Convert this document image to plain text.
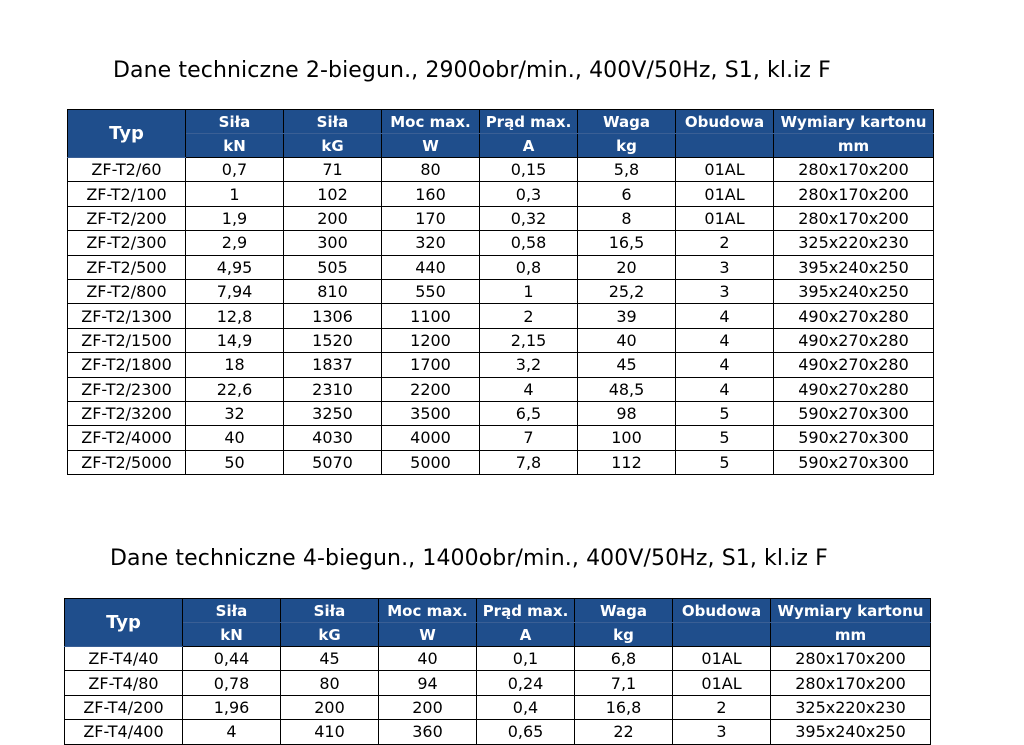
Dane techniczne 2-biegun., 2900obr/min., 400V/50Hz, S1, kl.iz F
Typ	Siła	Siła	Moc max.	Prąd max.	Waga	Obudowa	Wymiary kartonu
	kN	kG	W	A	kg		mm
ZF-T2/60	0,7	71	80	0,15	5,8	01AL	280x170x200
ZF-T2/100	1	102	160	0,3	6	01AL	280x170x200
ZF-T2/200	1,9	200	170	0,32	8	01AL	280x170x200
ZF-T2/300	2,9	300	320	0,58	16,5	2	325x220x230
ZF-T2/500	4,95	505	440	0,8	20	3	395x240x250
ZF-T2/800	7,94	810	550	1	25,2	3	395x240x250
ZF-T2/1300	12,8	1306	1100	2	39	4	490x270x280
ZF-T2/1500	14,9	1520	1200	2,15	40	4	490x270x280
ZF-T2/1800	18	1837	1700	3,2	45	4	490x270x280
ZF-T2/2300	22,6	2310	2200	4	48,5	4	490x270x280
ZF-T2/3200	32	3250	3500	6,5	98	5	590x270x300
ZF-T2/4000	40	4030	4000	7	100	5	590x270x300
ZF-T2/5000	50	5070	5000	7,8	112	5	590x270x300
Dane techniczne 4-biegun., 1400obr/min., 400V/50Hz, S1, kl.iz F
Typ	Siła	Siła	Moc max.	Prąd max.	Waga	Obudowa	Wymiary kartonu
	kN	kG	W	A	kg		mm
ZF-T4/40	0,44	45	40	0,1	6,8	01AL	280x170x200
ZF-T4/80	0,78	80	94	0,24	7,1	01AL	280x170x200
ZF-T4/200	1,96	200	200	0,4	16,8	2	325x220x230
ZF-T4/400	4	410	360	0,65	22	3	395x240x250
